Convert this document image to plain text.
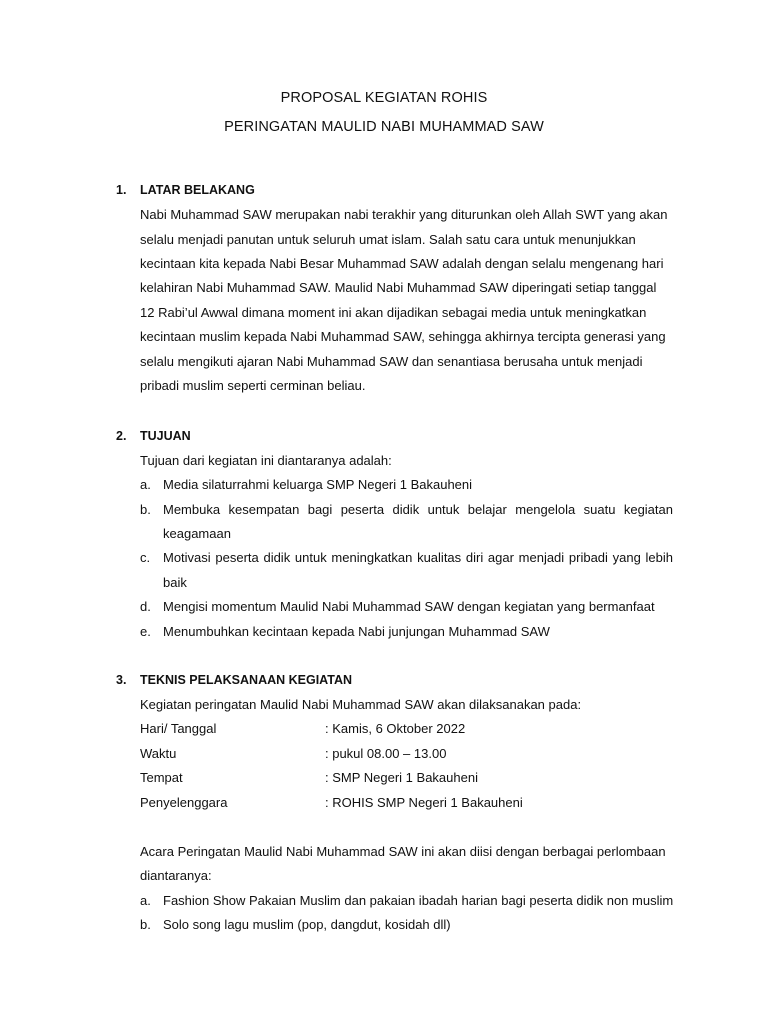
PROPOSAL KEGIATAN ROHIS
PERINGATAN MAULID NABI MUHAMMAD SAW
1. LATAR BELAKANG
Nabi Muhammad SAW merupakan nabi terakhir yang diturunkan oleh Allah SWT yang akan
selalu menjadi panutan untuk seluruh umat islam. Salah satu cara untuk menunjukkan
kecintaan kita kepada Nabi Besar Muhammad SAW adalah dengan selalu mengenang hari
kelahiran Nabi Muhammad SAW. Maulid Nabi Muhammad SAW diperingati setiap tanggal
12 Rabi’ul Awwal dimana moment ini akan dijadikan sebagai media untuk meningkatkan
kecintaan muslim kepada Nabi Muhammad SAW, sehingga akhirnya tercipta generasi yang
selalu mengikuti ajaran Nabi Muhammad SAW dan senantiasa berusaha untuk menjadi
pribadi muslim seperti cerminan beliau.
2. TUJUAN
Tujuan dari kegiatan ini diantaranya adalah:
a. Media silaturrahmi keluarga SMP Negeri 1 Bakauheni
b. Membuka kesempatan bagi peserta didik untuk belajar mengelola suatu kegiatan
keagamaan
c. Motivasi peserta didik untuk meningkatkan kualitas diri agar menjadi pribadi yang lebih
baik
d. Mengisi momentum Maulid Nabi Muhammad SAW dengan kegiatan yang bermanfaat
e. Menumbuhkan kecintaan kepada Nabi junjungan Muhammad SAW
3. TEKNIS PELAKSANAAN KEGIATAN
Kegiatan peringatan Maulid Nabi Muhammad SAW akan dilaksanakan pada:
Hari/ Tanggal	: Kamis, 6 Oktober 2022
Waktu	: pukul 08.00 – 13.00
Tempat	: SMP Negeri 1 Bakauheni
Penyelenggara	: ROHIS SMP Negeri 1 Bakauheni
Acara Peringatan Maulid Nabi Muhammad SAW ini akan diisi dengan berbagai perlombaan
diantaranya:
a. Fashion Show Pakaian Muslim dan pakaian ibadah harian bagi peserta didik non muslim
b. Solo song lagu muslim (pop, dangdut, kosidah dll)
